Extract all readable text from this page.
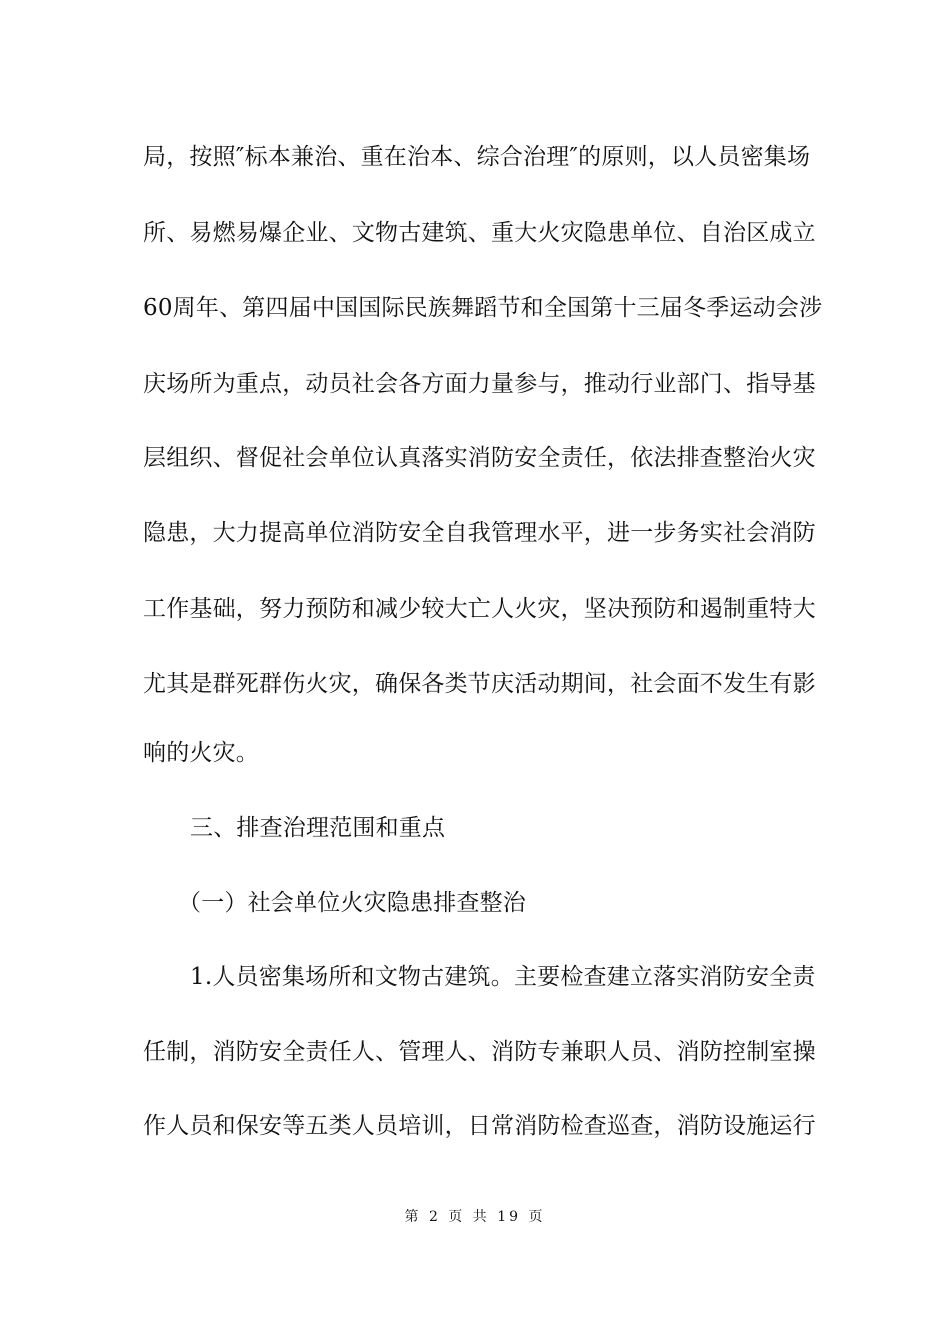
局，按照″标本兼治、重在治本、综合治理″的原则，以人员密集场
所、易燃易爆企业、文物古建筑、重大火灾隐患单位、自治区成立
60周年、第四届中国国际民族舞蹈节和全国第十三届冬季运动会涉
庆场所为重点，动员社会各方面力量参与，推动行业部门、指导基
层组织、督促社会单位认真落实消防安全责任，依法排查整治火灾
隐患，大力提高单位消防安全自我管理水平，进一步务实社会消防
工作基础，努力预防和减少较大亡人火灾，坚决预防和遏制重特大
尤其是群死群伤火灾，确保各类节庆活动期间，社会面不发生有影
响的火灾。
三、排查治理范围和重点
（一）社会单位火灾隐患排查整治
1.人员密集场所和文物古建筑。主要检查建立落实消防安全责
任制，消防安全责任人、管理人、消防专兼职人员、消防控制室操
作人员和保安等五类人员培训，日常消防检查巡查，消防设施运行
第 2 页 共 19 页
